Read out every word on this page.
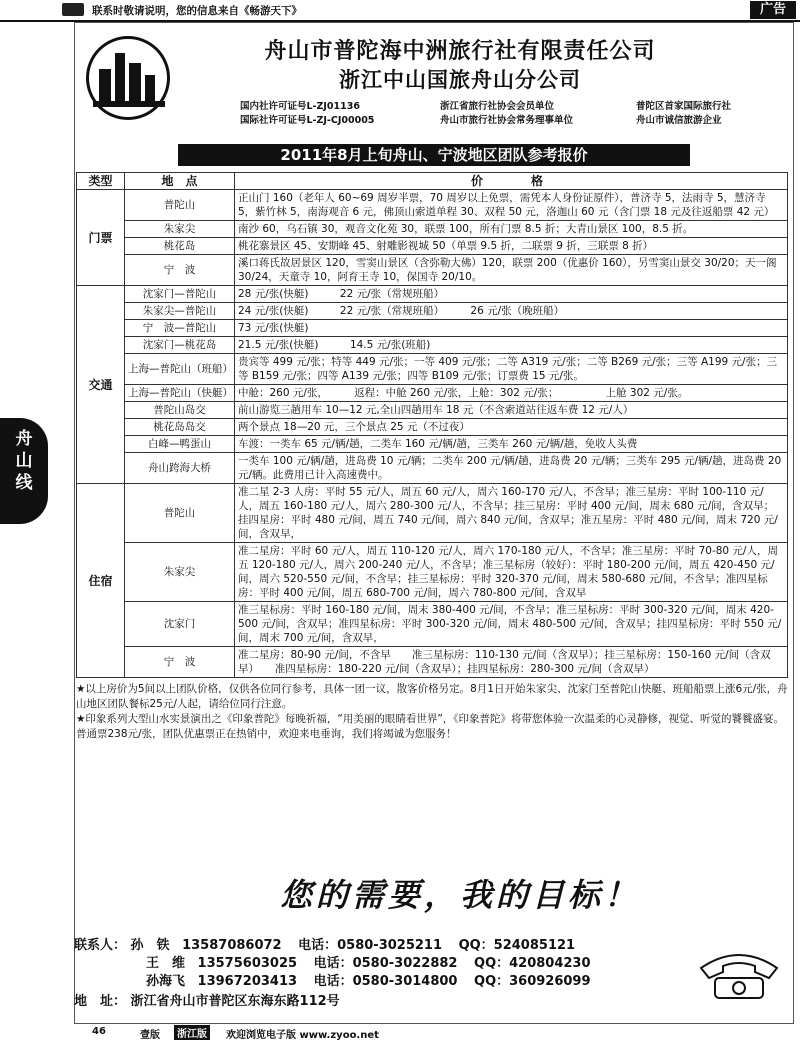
联系时敬请说明，您的信息来自《畅游天下》	广告
舟山线
舟山市普陀海中洲旅行社有限责任公司
浙江中山国旅舟山分公司
国内社许可证号L-ZJ01136	浙江省旅行社协会会员单位	普陀区首家国际旅行社
国际社许可证号L-ZJ-CJ00005	舟山市旅行社协会常务理事单位	舟山市诚信旅游企业
2011年8月上旬舟山、宁波地区团队参考报价
类型	地　点	价　　格
门票	普陀山	正山门 160（老年人 60~69 周岁半票，70 周岁以上免票，需凭本人身份证原件），普济寺 5，法雨寺 5，慧济寺 5，紫竹林 5，南海观音 6 元，佛顶山索道单程 30、双程 50 元，洛迦山 60 元（含门票 18 元及往返船票 42 元）
	朱家尖	南沙 60，乌石镇 30，观音文化苑 30，联票 100，所有门票 8.5 折；大青山景区 100，8.5 折。
	桃花岛	桃花寨景区 45、安期峰 45、射雕影视城 50（单票 9.5 折，二联票 9 折，三联票 8 折）
	宁　波	溪口蒋氏故居景区 120，雪窦山景区（含弥勒大佛）120，联票 200（优惠价 160），另雪窦山景交 30/20；天一阁 30/24，天童寺 10，阿育王寺 10，保国寺 20/10。
交通	沈家门—普陀山	28 元/张(快艇)　　　22 元/张（常规班船）
	朱家尖—普陀山	24 元/张(快艇)　　　22 元/张（常规班船）　　　26 元/张（晚班船）
	宁　波—普陀山	73 元/张(快艇)
	沈家门—桃花岛	21.5 元/张(快艇)　　　14.5 元/张(班船)
	上海—普陀山（班船）	贵宾等 499 元/张；特等 449 元/张；一等 409 元/张；二等 A319 元/张；二等 B269 元/张；三等 A199 元/张；三等 B159 元/张；四等 A139 元/张；四等 B109 元/张；订票费 15 元/张。
	上海—普陀山（快艇）	中舱：260 元/张，　　　返程：中舱 260 元/张，上舱：302 元/张；　　　　　上舱 302 元/张。
	普陀山岛交	前山游览三趟用车 10—12 元,全山四趟用车 18 元（不含索道站往返车费 12 元/人）
	桃花岛岛交	两个景点 18—20 元，三个景点 25 元（不过夜）
	白峰—鸭蛋山	车渡：一类车 65 元/辆/趟，二类车 160 元/辆/趟，三类车 260 元/辆/趟，免收人头费
	舟山跨海大桥	一类车 100 元/辆/趟，进岛费 10 元/辆；二类车 200 元/辆/趟，进岛费 20 元/辆；三类车 295 元/辆/趟，进岛费 20 元/辆。此费用已计入高速费中。
住宿	普陀山	准二星 2-3 人房：平时 55 元/人，周五 60 元/人，周六 160-170 元/人，不含早；准三星房：平时 100-110 元/人，周五 160-180 元/人，周六 280-300 元/人，不含早；挂三星房：平时 400 元/间，周末 680 元/间，含双早；挂四星房：平时 480 元/间，周五 740 元/间，周六 840 元/间，含双早；准五星房：平时 480 元/间，周末 720 元/间，含双早，
	朱家尖	准二星房：平时 60 元/人，周五 110-120 元/人，周六 170-180 元/人，不含早；准三星房：平时 70-80 元/人，周五 120-180 元/人，周六 200-240 元/人，不含早；准三星标房（较好）：平时 180-200 元/间，周五 420-450 元/间，周六 520-550 元/间，不含早；挂三星标房：平时 320-370 元/间，周末 580-680 元/间，不含早；准四星标房：平时 400 元/间，周五 680-700 元/间，周六 780-800 元/间，含双早
	沈家门	准三星标房：平时 160-180 元/间，周末 380-400 元/间，不含早；准三星标房：平时 300-320 元/间，周末 420-500 元/间，含双早；准四星标房：平时 300-320 元/间，周末 480-500 元/间，含双早；挂四星标房：平时 550 元/间，周末 700 元/间，含双早，
	宁　波	准二星房：80-90 元/间，不含早　　准三星标房：110-130 元/间（含双早）；挂三星标房：150-160 元/间（含双早）　　准四星标房：180-220 元/间（含双早）；挂四星标房：280-300 元/间（含双早）
★以上房价为5间以上团队价格，仅供各位同行参考，具体一团一议，散客价格另定。8月1日开始朱家尖、沈家门至普陀山快艇、班船船票上涨6元/张，舟山地区团队餐标25元/人起，请给位同行注意。
★印象系列大型山水实景演出之《印象普陀》每晚祈福，“用美丽的眼睛看世界”，《印象普陀》将带您体验一次温柔的心灵静修，视觉、听觉的饕餮盛宴。普通票238元/张，团队优惠票正在热销中，欢迎来电垂询，我们将竭诚为您服务！
您的需要，我的目标！
联系人： 孙　铁 13587086072 电话：0580-3025211 QQ：524085121
王　维 13575603025 电话：0580-3022882 QQ：420804230
孙海飞 13967203413 电话：0580-3014800 QQ：360926099
地　址： 浙江省舟山市普陀区东海东路112号
46	壹版	浙江版	欢迎浏览电子版 www.zyoo.net
